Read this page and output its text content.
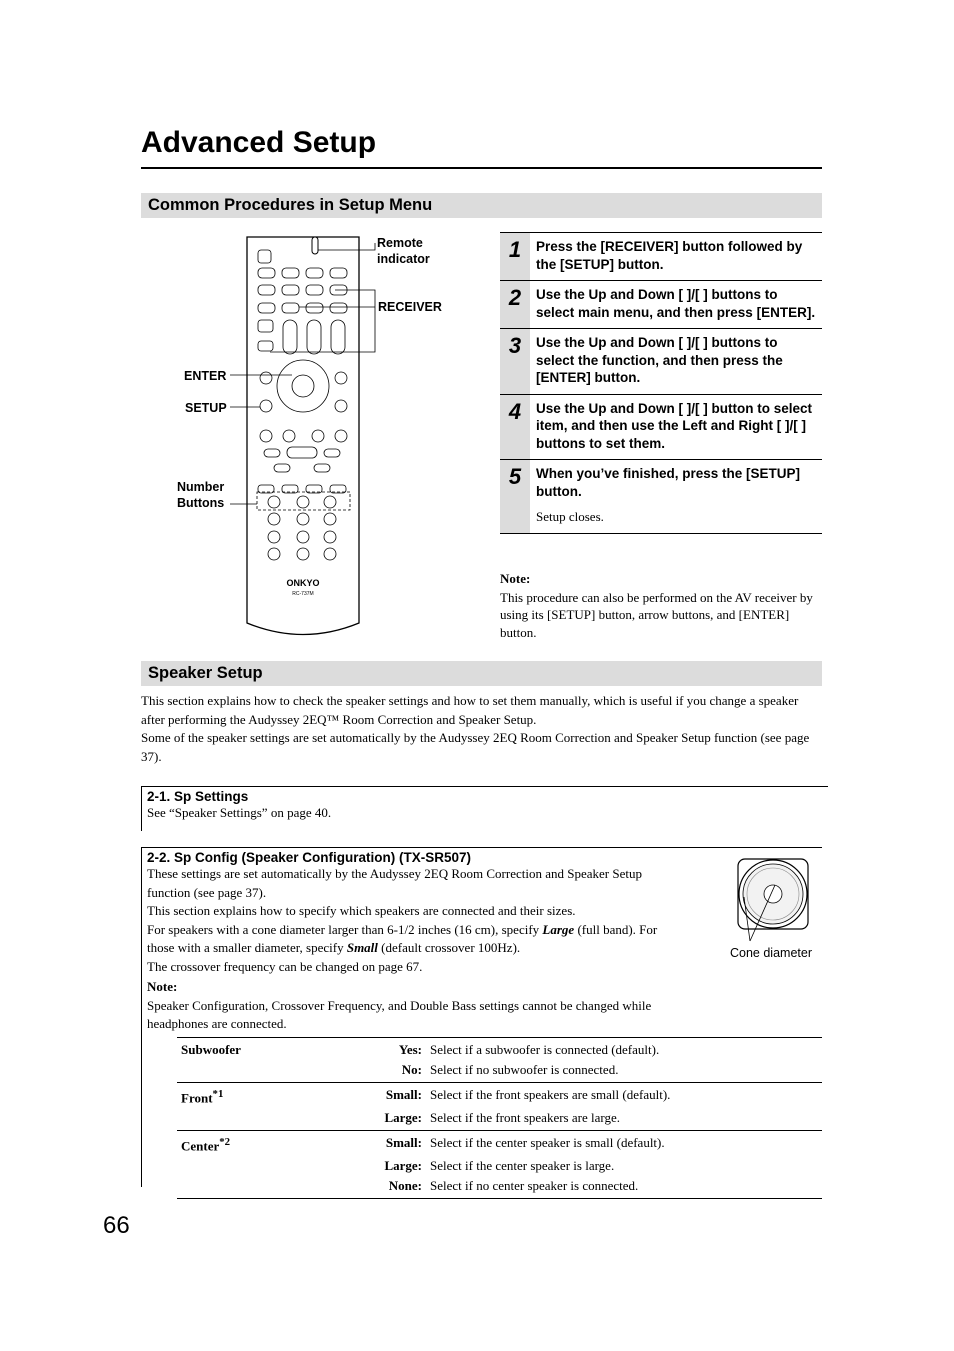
Advanced Setup
Common Procedures in Setup Menu
ONKYO
RC-737M
Remote
indicator
RECEIVER
ENTER
SETUP
Number
Buttons
1	Press the [RECEIVER] button followed by the [SETUP] button.
2	Use the Up and Down [ ]/[ ] buttons to select main menu, and then press [ENTER].
3	Use the Up and Down [ ]/[ ] buttons to select the function, and then press the [ENTER] button.
4	Use the Up and Down [ ]/[ ] button to select item, and then use the Left and Right [ ]/[ ] buttons to set them.
5	When you’ve finished, press the [SETUP] button.
Setup closes.
Note:
This procedure can also be performed on the AV receiver by using its [SETUP] button, arrow buttons, and [ENTER] button.
Speaker Setup
This section explains how to check the speaker settings and how to set them manually, which is useful if you change a speaker after performing the Audyssey 2EQ™ Room Correction and Speaker Setup.
Some of the speaker settings are set automatically by the Audyssey 2EQ Room Correction and Speaker Setup function (see page 37).
2-1. Sp Settings
See “Speaker Settings” on page 40.
2-2. Sp Config (Speaker Configuration) (TX-SR507)
These settings are set automatically by the Audyssey 2EQ Room Correction and Speaker Setup function (see page 37).
This section explains how to specify which speakers are connected and their sizes.
For speakers with a cone diameter larger than 6-1/2 inches (16 cm), specify Large (full band). For those with a smaller diameter, specify Small (default crossover 100Hz).
The crossover frequency can be changed on page 67.
Note:
Speaker Configuration, Crossover Frequency, and Double Bass settings cannot be changed while headphones are connected.
Cone diameter
Subwoofer	Yes:	Select if a subwoofer is connected (default).
	No:	Select if no subwoofer is connected.
Front$^{*1}$	Small:	Select if the front speakers are small (default).
	Large:	Select if the front speakers are large.
Center$^{*2}$	Small:	Select if the center speaker is small (default).
	Large:	Select if the center speaker is large.
	None:	Select if no center speaker is connected.
66
